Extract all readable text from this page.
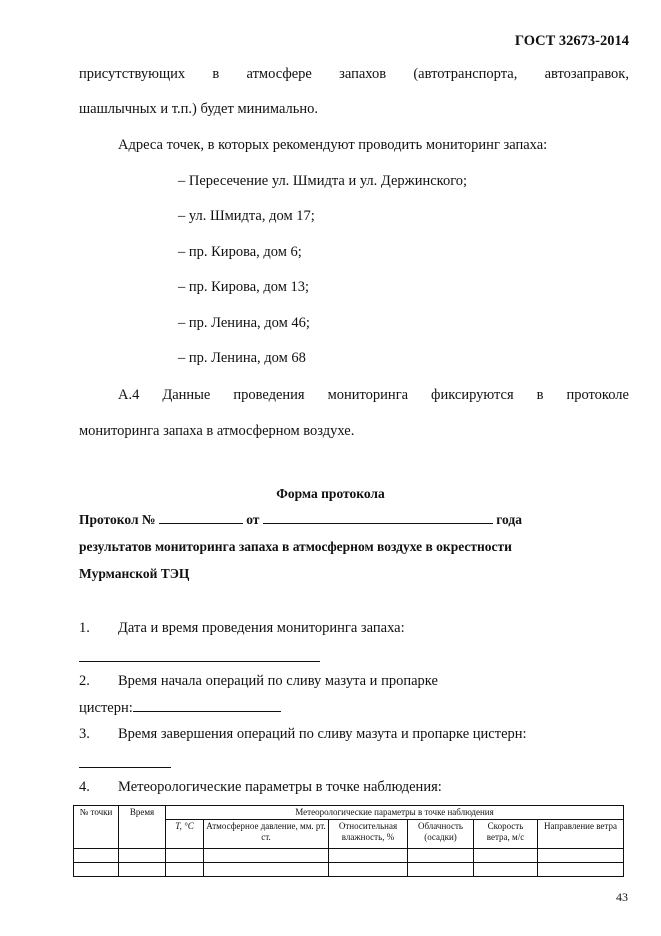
ГОСТ 32673-2014
присутствующих в атмосфере запахов (автотранспорта, автозаправок,
шашлычных и т.п.) будет минимально.
Адреса точек, в которых рекомендуют проводить мониторинг запаха:
– Пересечение ул. Шмидта и ул. Держинского;
– ул. Шмидта, дом 17;
– пр. Кирова, дом 6;
– пр. Кирова, дом 13;
– пр. Ленина, дом 46;
– пр. Ленина, дом 68
А.4 Данные проведения мониторинга фиксируются в протоколе
мониторинга запаха в атмосферном воздухе.
Форма протокола
Протокол №	от	года
результатов мониторинга запаха в атмосферном воздухе в окрестности
Мурманской ТЭЦ
1. Дата и время проведения мониторинга запаха:
2. Время начала операций по сливу мазута и пропарке
цистерн:
3. Время завершения операций по сливу мазута и пропарке цистерн:
4. Метеорологические параметры в точке наблюдения:
№ точки	Время	Метеорологические параметры в точке наблюдения					
		T, °C	Атмосферное давление, мм. рт. ст.	Относительная влажность, %	Облачность (осадки)	Скорость ветра, м/с	Направление ветра

43
